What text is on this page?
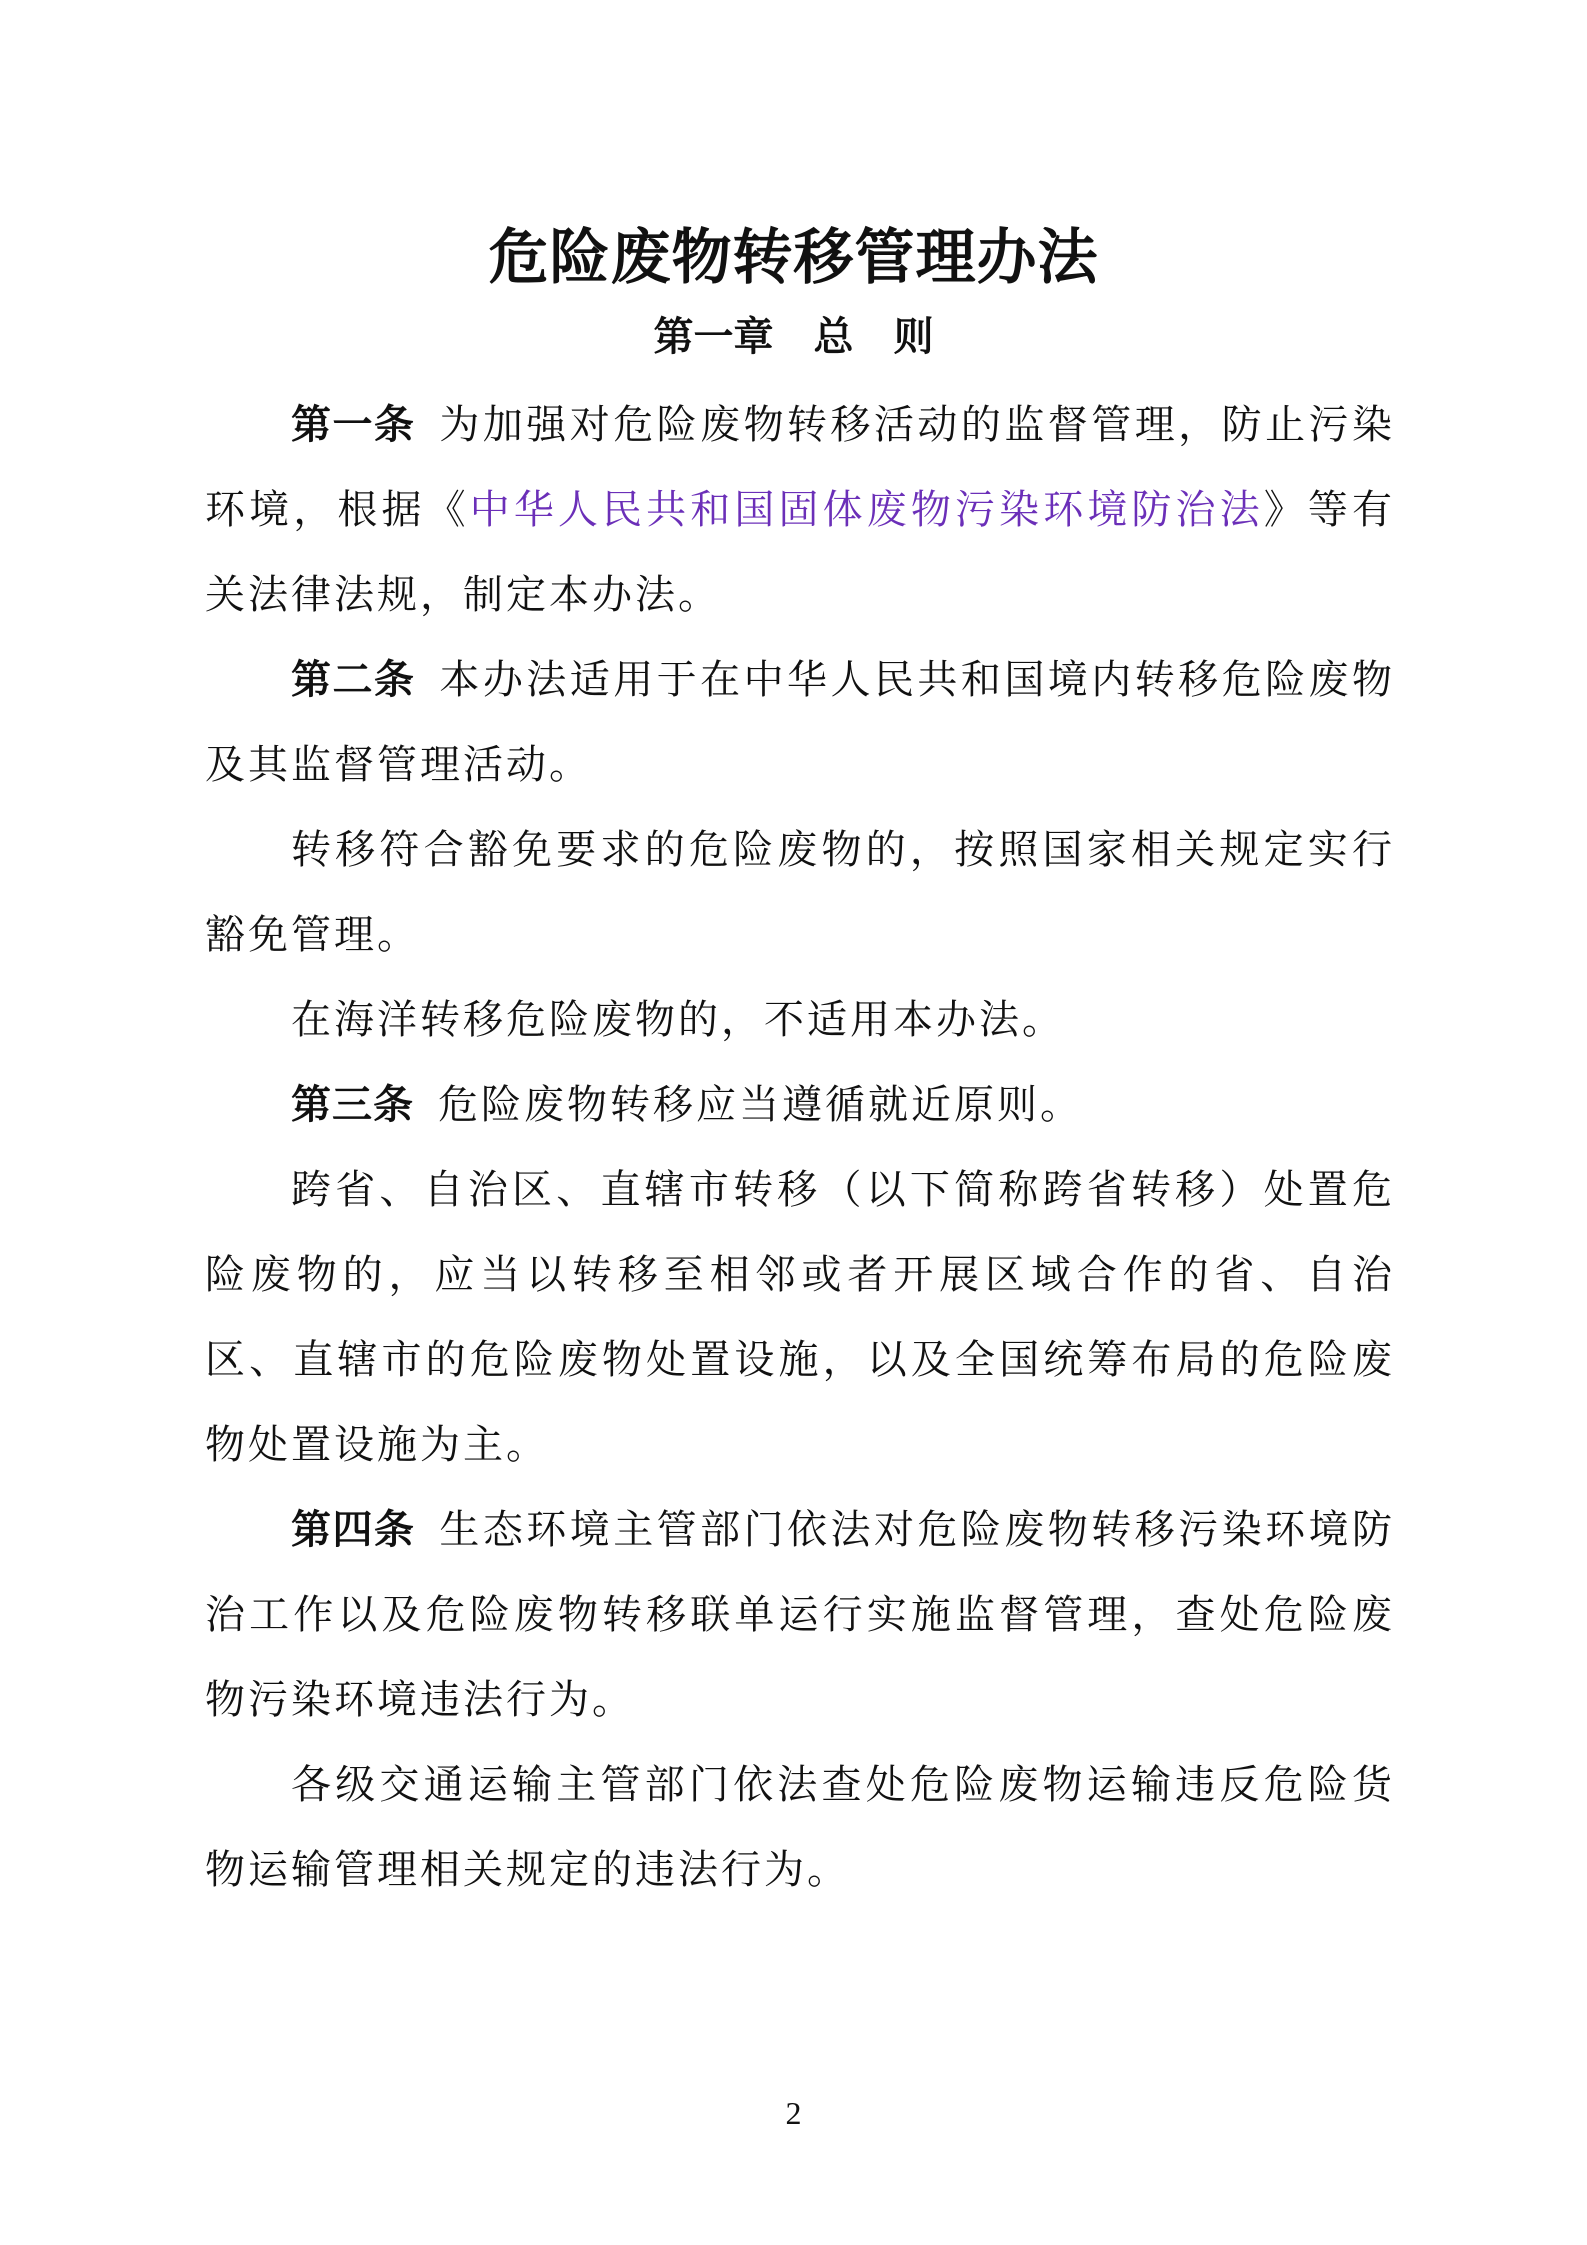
危险废物转移管理办法
第一章　总　则

第一条 为加强对危险废物转移活动的监督管理，防止污染环境，根据《中华人民共和国固体废物污染环境防治法》等有关法律法规，制定本办法。

第二条 本办法适用于在中华人民共和国境内转移危险废物及其监督管理活动。

转移符合豁免要求的危险废物的，按照国家相关规定实行豁免管理。

在海洋转移危险废物的，不适用本办法。

第三条 危险废物转移应当遵循就近原则。

跨省、自治区、直辖市转移（以下简称跨省转移）处置危险废物的，应当以转移至相邻或者开展区域合作的省、自治区、直辖市的危险废物处置设施，以及全国统筹布局的危险废物处置设施为主。

第四条 生态环境主管部门依法对危险废物转移污染环境防治工作以及危险废物转移联单运行实施监督管理，查处危险废物污染环境违法行为。

各级交通运输主管部门依法查处危险废物运输违反危险货物运输管理相关规定的违法行为。

2
